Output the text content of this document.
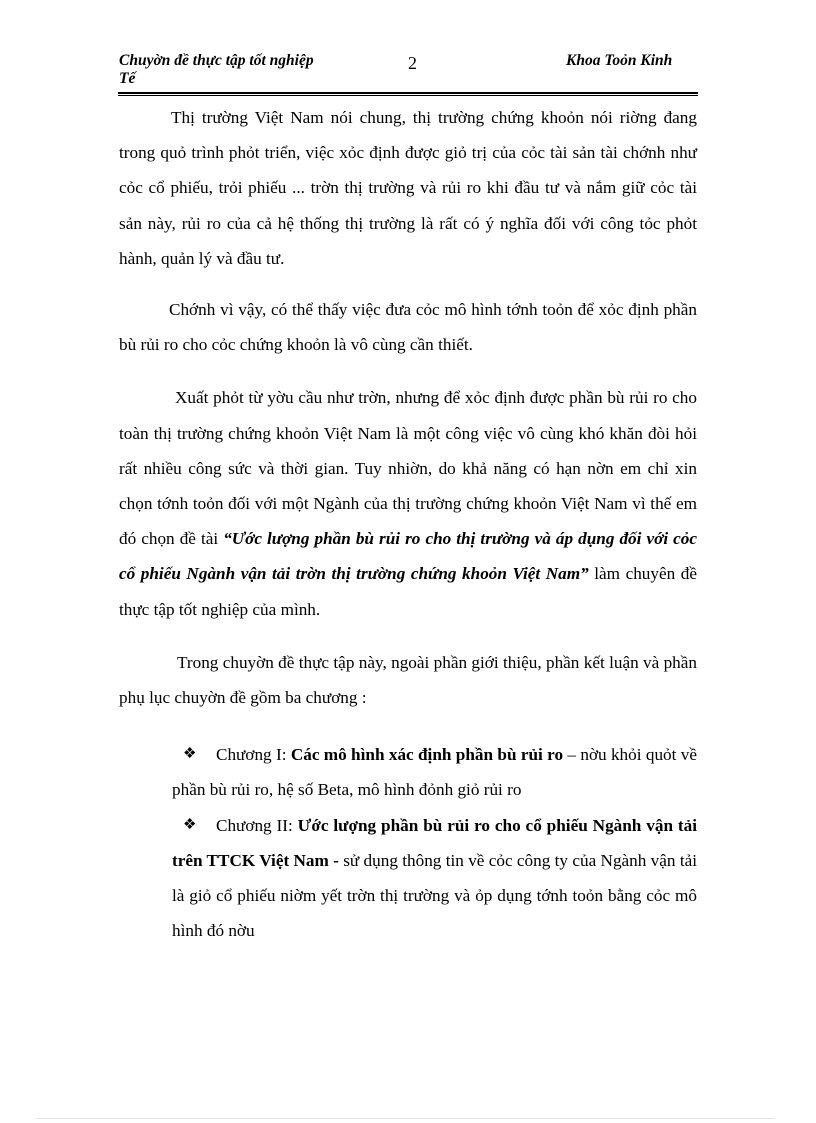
Chuyờn đề thực tập tốt nghiệp
Tế
2	Khoa Toỏn Kinh

Thị trường Việt Nam nói chung, thị trường chứng khoỏn nói riờng đang trong quỏ trình phỏt triển, việc xỏc định được giỏ trị của cỏc tài sản tài chớnh như cỏc cổ phiếu, trỏi phiếu ... trờn thị trường và rủi ro khi đầu tư và nắm giữ cỏc tài sản này, rủi ro của cả hệ thống thị trường là rất có ý nghĩa đối với công tỏc phỏt hành, quản lý và đầu tư.

Chớnh vì vậy, có thể thấy việc đưa cỏc mô hình tớnh toỏn để xỏc định phần bù rủi ro cho cỏc chứng khoỏn là vô cùng cần thiết.

Xuất phỏt từ yờu cầu như trờn, nhưng để xỏc định được phần bù rủi ro cho toàn thị trường chứng khoỏn Việt Nam là một công việc vô cùng khó khăn đòi hỏi rất nhiều công sức và thời gian. Tuy nhiờn, do khả năng có hạn nờn em chỉ xin chọn tớnh toỏn đối với một Ngành của thị trường chứng khoỏn Việt Nam vì thế em đó chọn đề tài “Ước lượng phần bù rủi ro cho thị trường và áp dụng đối với cỏc cổ phiếu Ngành vận tải trờn thị trường chứng khoỏn Việt Nam” làm chuyên đề thực tập tốt nghiệp của mình.

Trong chuyờn đề thực tập này, ngoài phần giới thiệu, phần kết luận và phần phụ lục chuyờn đề gồm ba chương :

❖ Chương I: Các mô hình xác định phần bù rủi ro – nờu khỏi quỏt về phần bù rủi ro, hệ số Beta, mô hình đỏnh giỏ rủi ro

❖ Chương II: Ước lượng phần bù rủi ro cho cổ phiếu Ngành vận tải trên TTCK Việt Nam - sử dụng thông tin về cỏc công ty của Ngành vận tải là giỏ cổ phiếu niờm yết trờn thị trường và ỏp dụng tớnh toỏn bằng cỏc mô hình đó nờu
